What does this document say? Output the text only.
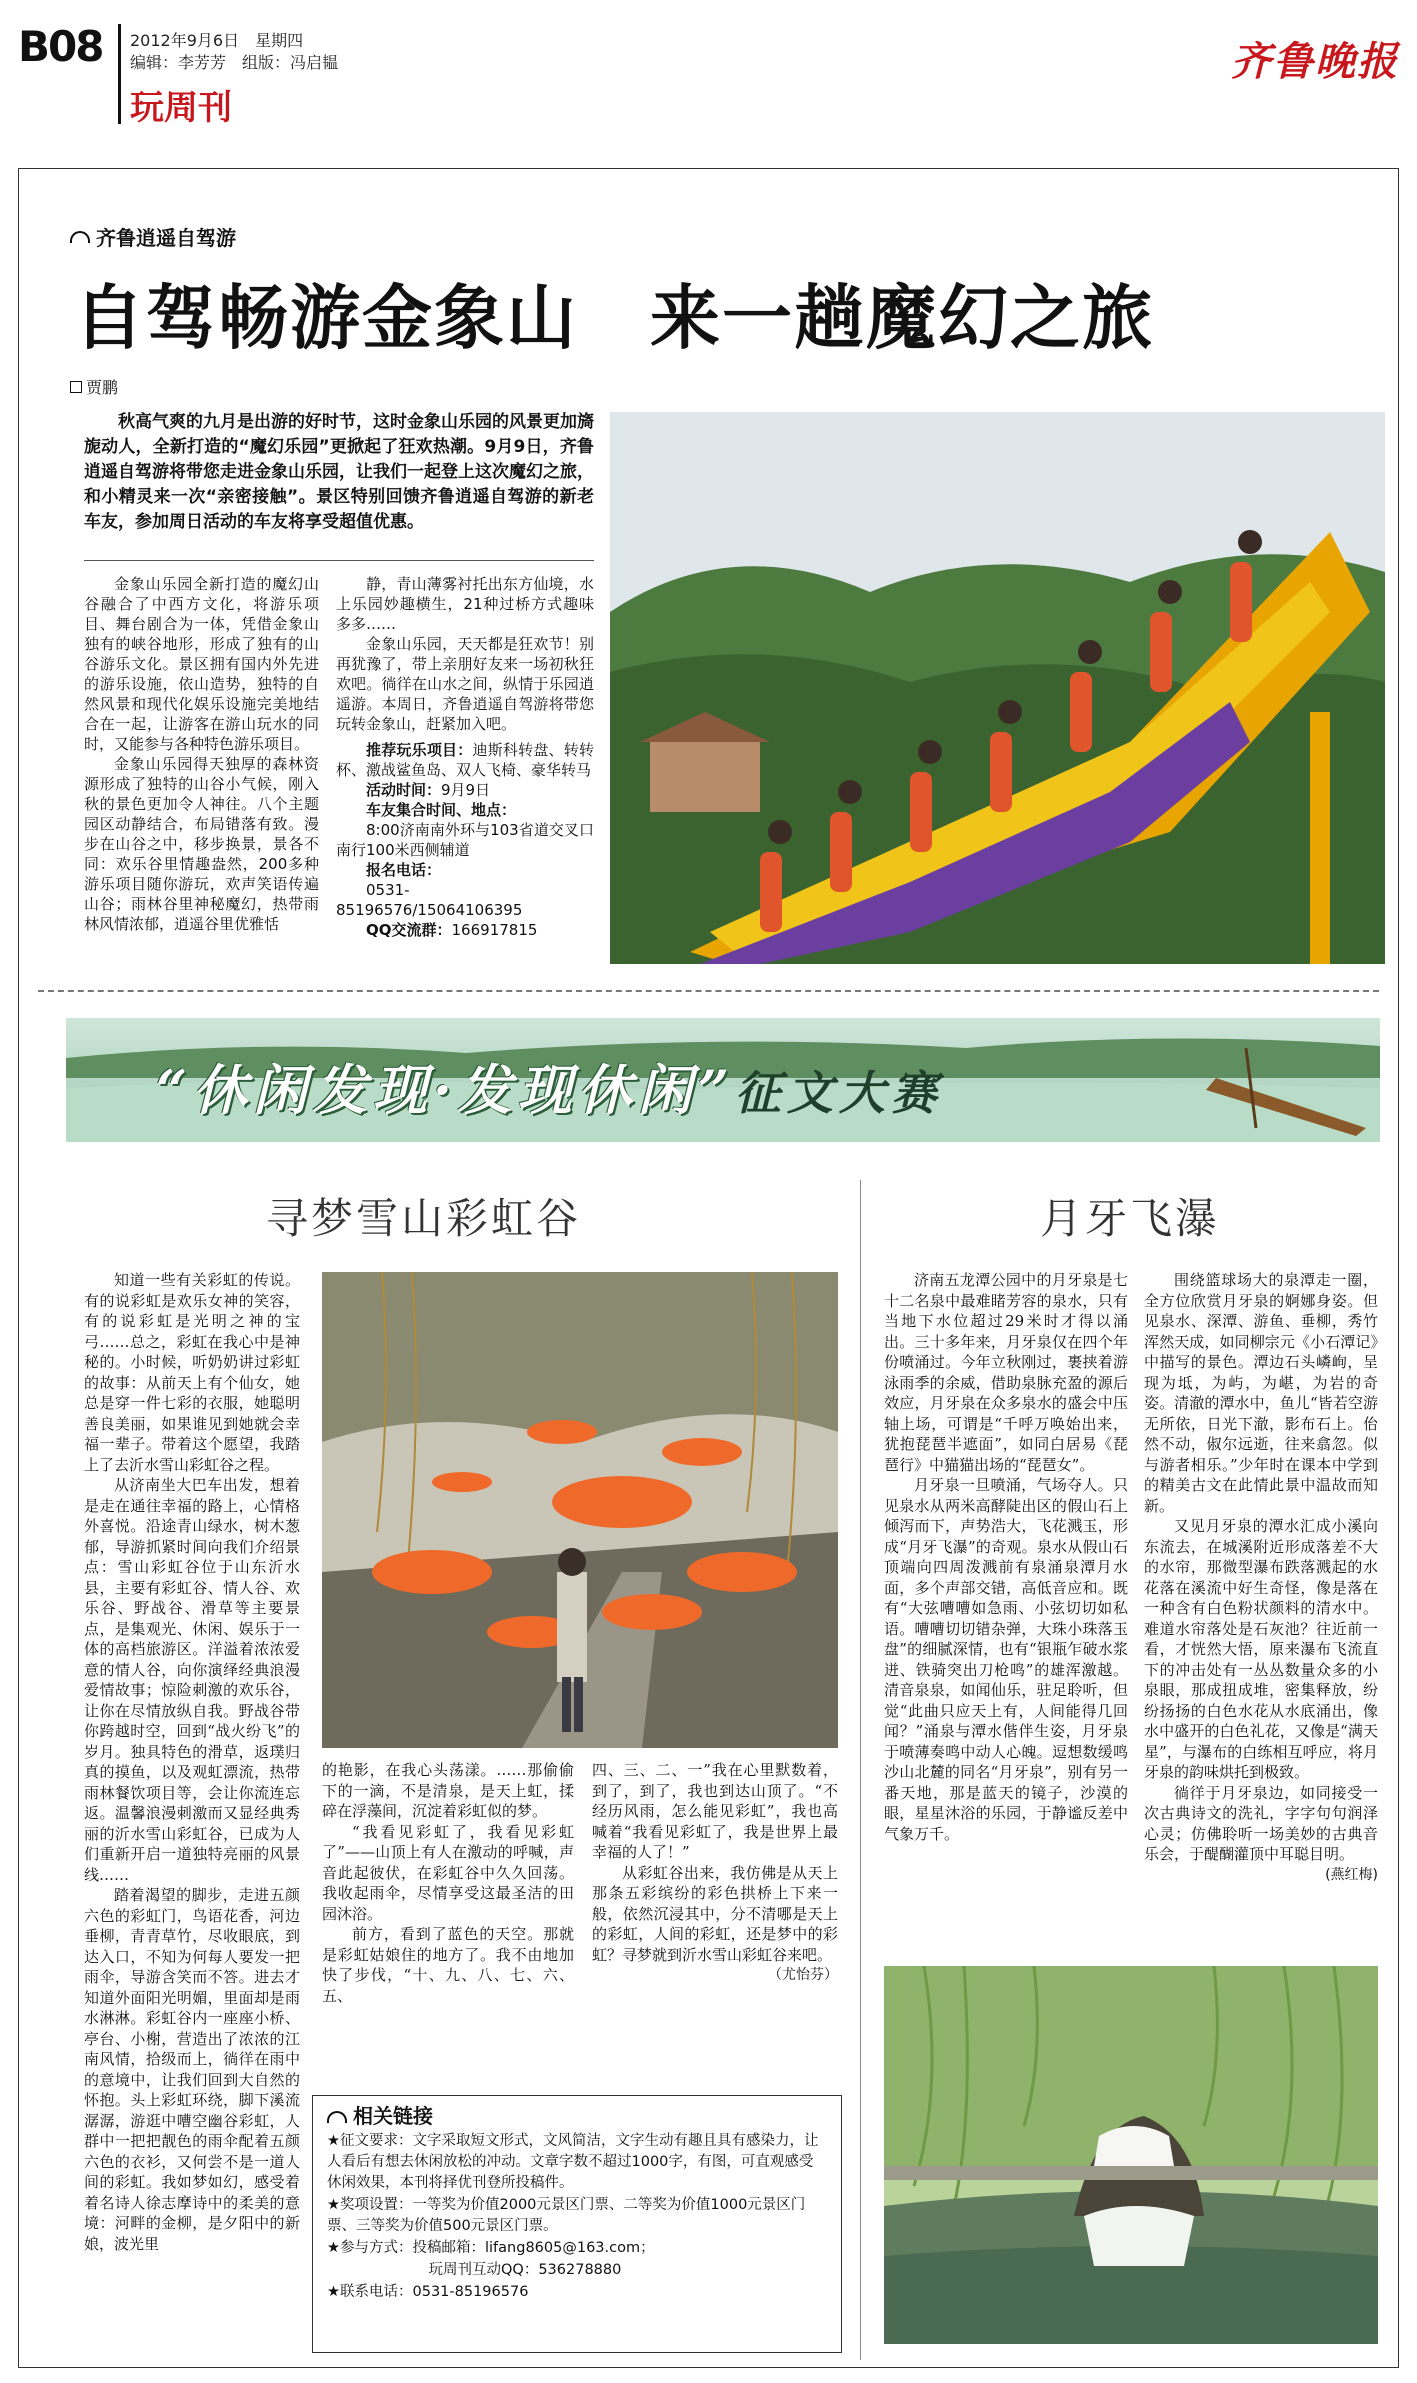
B08 2012年9月6日　星期四
编辑：李芳芳　组版：冯启韫
玩周刊
齐鲁晚报
齐鲁逍遥自驾游
自驾畅游金象山　来一趟魔幻之旅
贾鹏

秋高气爽的九月是出游的好时节，这时金象山乐园的风景更加旖旎动人，全新打造的“魔幻乐园”更掀起了狂欢热潮。9月9日，齐鲁逍遥自驾游将带您走进金象山乐园，让我们一起登上这次魔幻之旅，和小精灵来一次“亲密接触”。景区特别回馈齐鲁逍遥自驾游的新老车友，参加周日活动的车友将享受超值优惠。

金象山乐园全新打造的魔幻山谷融合了中西方文化，将游乐项目、舞台剧合为一体，凭借金象山独有的峡谷地形，形成了独有的山谷游乐文化。景区拥有国内外先进的游乐设施，依山造势，独特的自然风景和现代化娱乐设施完美地结合在一起，让游客在游山玩水的同时，又能参与各种特色游乐项目。

金象山乐园得天独厚的森林资源形成了独特的山谷小气候，刚入秋的景色更加令人神往。八个主题园区动静结合，布局错落有致。漫步在山谷之中，移步换景，景各不同：欢乐谷里情趣盎然，200多种游乐项目随你游玩，欢声笑语传遍山谷；雨林谷里神秘魔幻，热带雨林风情浓郁，逍遥谷里优雅恬

静，青山薄雾衬托出东方仙境，水上乐园妙趣横生，21种过桥方式趣味多多……

金象山乐园，天天都是狂欢节！别再犹豫了，带上亲朋好友来一场初秋狂欢吧。徜徉在山水之间，纵情于乐园逍遥游。本周日，齐鲁逍遥自驾游将带您玩转金象山，赶紧加入吧。

推荐玩乐项目：迪斯科转盘、转转杯、激战鲨鱼岛、双人飞椅、豪华转马

活动时间：9月9日

车友集合时间、地点：

8:00济南南外环与103省道交叉口南行100米西侧辅道

报名电话：

0531-85196576/15064106395

QQ交流群：166917815

“休闲发现·发现休闲”征文大赛
寻梦雪山彩虹谷	月牙飞瀑

知道一些有关彩虹的传说。有的说彩虹是欢乐女神的笑容，有的说彩虹是光明之神的宝弓……总之，彩虹在我心中是神秘的。小时候，听奶奶讲过彩虹的故事：从前天上有个仙女，她总是穿一件七彩的衣服，她聪明善良美丽，如果谁见到她就会幸福一辈子。带着这个愿望，我踏上了去沂水雪山彩虹谷之程。

从济南坐大巴车出发，想着是走在通往幸福的路上，心情格外喜悦。沿途青山绿水，树木葱郁，导游抓紧时间向我们介绍景点：雪山彩虹谷位于山东沂水县，主要有彩虹谷、情人谷、欢乐谷、野战谷、滑草等主要景点，是集观光、休闲、娱乐于一体的高档旅游区。洋溢着浓浓爱意的情人谷，向你演绎经典浪漫爱情故事；惊险刺激的欢乐谷，让你在尽情放纵自我。野战谷带你跨越时空，回到“战火纷飞”的岁月。独具特色的滑草，返璞归真的摸鱼，以及观虹漂流，热带雨林餐饮项目等，会让你流连忘返。温馨浪漫刺激而又显经典秀丽的沂水雪山彩虹谷，已成为人们重新开启一道独特亮丽的风景线……

踏着渴望的脚步，走进五颜六色的彩虹门，鸟语花香，河边垂柳，青青草竹，尽收眼底，到达入口，不知为何每人要发一把雨伞，导游含笑而不答。进去才知道外面阳光明媚，里面却是雨水淋淋。彩虹谷内一座座小桥、亭台、小榭，营造出了浓浓的江南风情，拾级而上，徜徉在雨中的意境中，让我们回到大自然的怀抱。头上彩虹环绕，脚下溪流潺潺，游逛中嘈空幽谷彩虹，人群中一把把靓色的雨伞配着五颜六色的衣衫，又何尝不是一道人间的彩虹。我如梦如幻，感受着着名诗人徐志摩诗中的柔美的意境：河畔的金柳，是夕阳中的新娘，波光里

的艳影，在我心头荡漾。……那偷偷下的一滴，不是清泉，是天上虹，揉碎在浮藻间，沉淀着彩虹似的梦。

“我看见彩虹了，我看见彩虹了”——山顶上有人在激动的呼喊，声音此起彼伏，在彩虹谷中久久回荡。我收起雨伞，尽情享受这最圣洁的田园沐浴。

前方，看到了蓝色的天空。那就是彩虹姑娘住的地方了。我不由地加快了步伐，“十、九、八、七、六、五、

四、三、二、一”我在心里默数着，到了，到了，我也到达山顶了。“不经历风雨，怎么能见彩虹”，我也高喊着“我看见彩虹了，我是世界上最幸福的人了！”

从彩虹谷出来，我仿佛是从天上那条五彩缤纷的彩色拱桥上下来一般，依然沉浸其中，分不清哪是天上的彩虹，人间的彩虹，还是梦中的彩虹？寻梦就到沂水雪山彩虹谷来吧。

（尤怡芬）
相关链接

★征文要求：文字采取短文形式，文风简洁，文字生动有趣且具有感染力，让人看后有想去休闲放松的冲动。文章字数不超过1000字，有图，可直观感受休闲效果，本刊将择优刊登所投稿件。

★奖项设置：一等奖为价值2000元景区门票、二等奖为价值1000元景区门票、三等奖为价值500元景区门票。

★参与方式：投稿邮箱：lifang8605@163.com；

玩周刊互动QQ：536278880

★联系电话：0531-85196576

济南五龙潭公园中的月牙泉是七十二名泉中最难睹芳容的泉水，只有当地下水位超过29米时才得以涌出。三十多年来，月牙泉仅在四个年份喷涌过。今年立秋刚过，裹挟着游泳雨季的余威，借助泉脉充盈的源后效应，月牙泉在众多泉水的盛会中压轴上场，可谓是“千呼万唤始出来，犹抱琵琶半遮面”，如同白居易《琵琶行》中猫猫出场的“琵琶女”。

月牙泉一旦喷涌，气场夺人。只见泉水从两米高酵陡出区的假山石上倾泻而下，声势浩大，飞花溅玉，形成“月牙飞瀑”的奇观。泉水从假山石顶端向四周泼溅前有泉涌泉潭月水面，多个声部交错，高低音应和。既有“大弦嘈嘈如急雨、小弦切切如私语。嘈嘈切切错杂弹，大珠小珠落玉盘”的细腻深情，也有“银瓶乍破水浆迸、铁骑突出刀枪鸣”的雄浑激越。清音泉泉，如闻仙乐，驻足聆听，但觉“此曲只应天上有，人间能得几回闻？”涌泉与潭水偕伴生姿，月牙泉于喷薄奏鸣中动人心魄。逗想数缓鸣沙山北麓的同名“月牙泉”，别有另一番天地，那是蓝天的镜子，沙漠的眼，星星沐浴的乐园，于静谧反差中气象万千。

围绕篮球场大的泉潭走一圈，全方位欣赏月牙泉的婀娜身姿。但见泉水、深潭、游鱼、垂柳，秀竹浑然天成，如同柳宗元《小石潭记》中描写的景色。潭边石头嶙峋，呈现为坻，为屿，为嵁，为岩的奇姿。清澈的潭水中，鱼儿“皆若空游无所依，日光下澈，影布石上。佁然不动，俶尔远逝，往来翕忽。似与游者相乐。”少年时在课本中学到的精美古文在此情此景中温故而知新。

又见月牙泉的潭水汇成小溪向东流去，在城溪附近形成落差不大的水帘，那微型瀑布跌落溅起的水花落在溪流中好生奇怪，像是落在一种含有白色粉状颜料的清水中。难道水帘落处是石灰池？往近前一看，才恍然大悟，原来瀑布飞流直下的冲击处有一丛丛数量众多的小泉眼，那成扭成堆，密集释放，纷纷扬扬的白色水花从水底涌出，像水中盛开的白色礼花，又像是“满天星”，与瀑布的白练相互呼应，将月牙泉的韵味烘托到极致。

徜徉于月牙泉边，如同接受一次古典诗文的洗礼，字字句句润泽心灵；仿佛聆听一场美妙的古典音乐会，于醍醐灌顶中耳聪目明。

(燕红梅)
